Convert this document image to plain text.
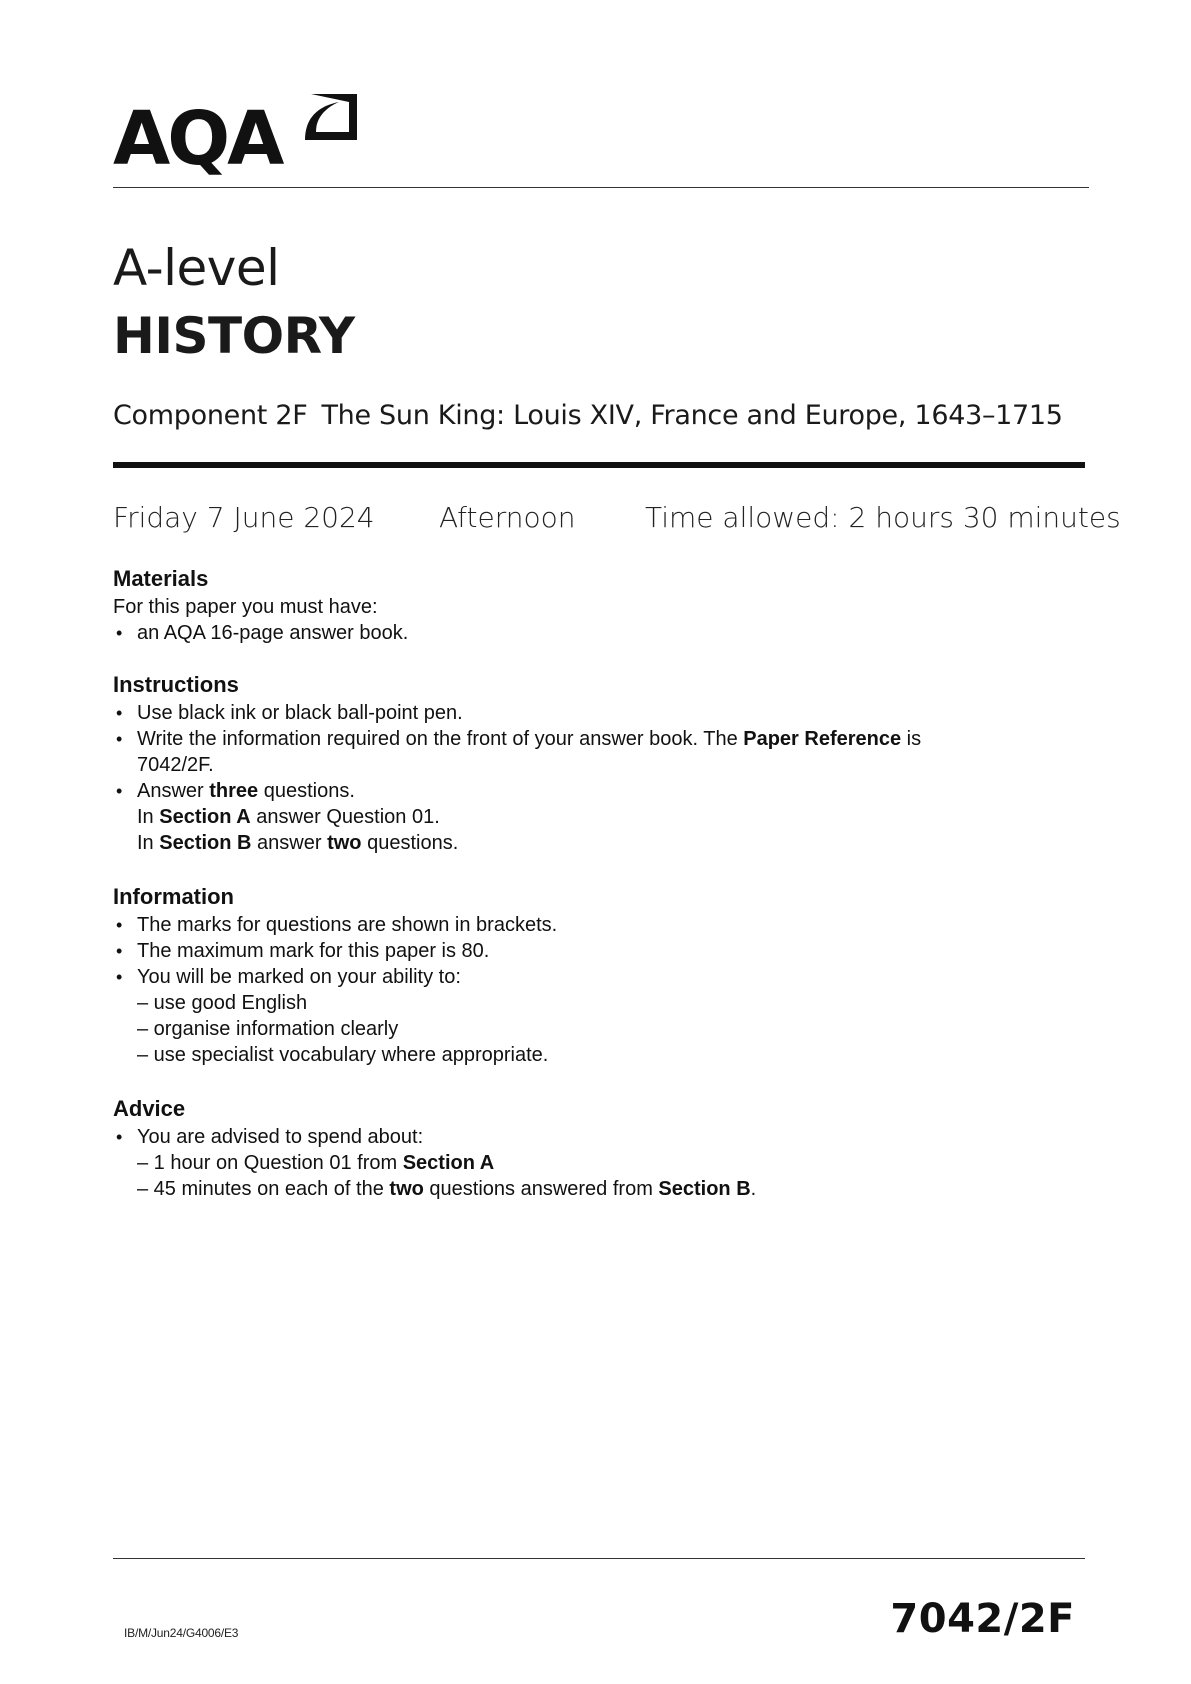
AQA
A-level
HISTORY
Component 2F The Sun King: Louis XIV, France and Europe, 1643–1715
Friday 7 June 2024 Afternoon Time allowed: 2 hours 30 minutes
Materials

For this paper you must have:

• an AQA 16-page answer book.
Instructions
• Use black ink or black ball-point pen.
• Write the information required on the front of your answer book. The Paper Reference is
7042/2F.
• Answer three questions.
In Section A answer Question 01.
In Section B answer two questions.
Information
• The marks for questions are shown in brackets.
• The maximum mark for this paper is 80.
• You will be marked on your ability to:

– use good English

– organise information clearly

– use specialist vocabulary where appropriate.

Advice
• You are advised to spend about:

– 1 hour on Question 01 from Section A

– 45 minutes on each of the two questions answered from Section B.

IB/M/Jun24/G4006/E3	7042/2F
